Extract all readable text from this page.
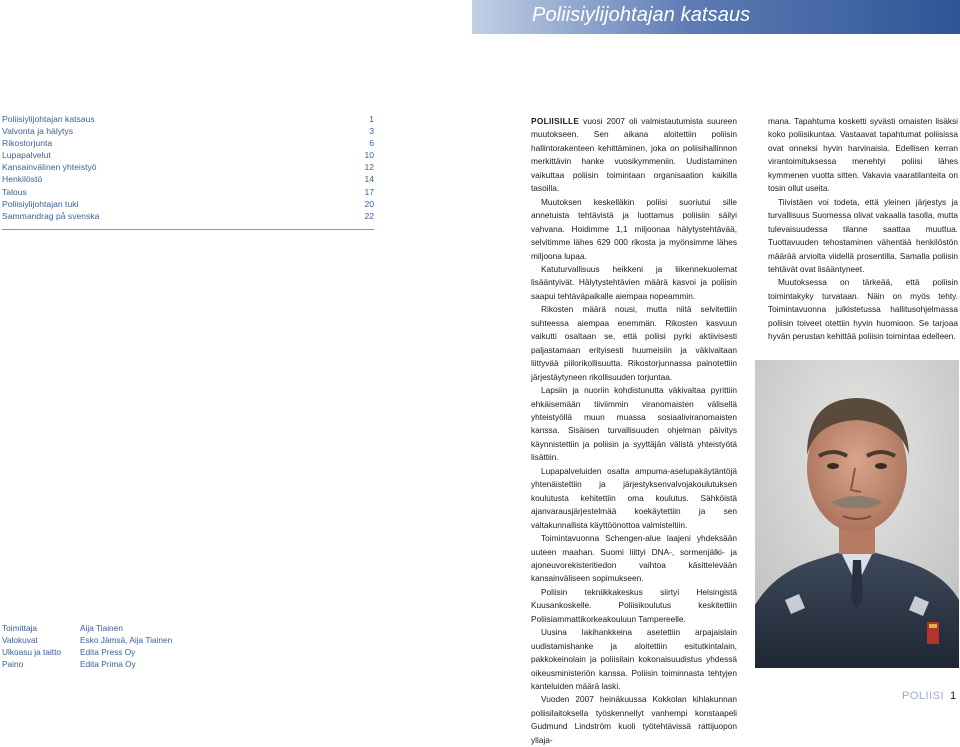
Poliisiylijohtajan katsaus
Poliisiylijohtajan katsaus	1
Valvonta ja hälytys	3
Rikostorjunta	6
Lupapalvelut	10
Kansainvälinen yhteistyö	12
Henkilöstö	14
Talous	17
Poliisiylijohtajan tuki	20
Sammandrag på svenska	22
Toimittaja	Aija Tiainen
Valokuvat	Esko Jämsä, Aija Tiainen
Ulkoasu ja taitto	Edita Press Oy
Paino	Edita Prima Oy

POLIISILLE vuosi 2007 oli valmistautumista suureen muutokseen. Sen aikana aloitettiin poliisin hallintorakenteen kehittäminen, joka on poliisihallinnon merkittävin hanke vuosikymmeniin. Uudistaminen vaikuttaa poliisin toimintaan organisaation kaikilla tasoilla.

Muutoksen keskelläkin poliisi suoriutui sille annetuista tehtävistä ja luottamus poliisiin säilyi vahvana. Hoidimme 1,1 miljoonaa hälytystehtävää, selvitimme lähes 629 000 rikosta ja myönsimme lähes miljoona lupaa.

Katuturvallisuus heikkeni ja liikennekuolemat lisääntyivät. Hälytystehtävien määrä kasvoi ja poliisin saapui tehtäväpaikalle aiempaa nopeammin.

Rikosten määrä nousi, mutta niitä selvitettiin suhteessa aiempaa enemmän. Rikosten kasvuun vaikutti osaltaan se, että poliisi pyrki aktiivisesti paljastamaan erityisesti huumeisiin ja väkivaltaan liittyvää piilorikollisuutta. Rikostorjunnassa painotettiin järjestäytyneen rikollisuuden torjuntaa.

Lapsiin ja nuoriin kohdistunutta väkivaltaa pyrittiin ehkäisemään tiiviimmin viranomaisten välisellä yhteistyöllä muun muassa sosiaaliviranomaisten kanssa. Sisäisen turvallisuuden ohjelman päivitys käynnistettiin ja poliisin ja syyttäjän välistä yhteistyötä lisättiin.

Lupapalveluiden osalta ampuma-aselupakäytäntöjä yhtenäistettiin ja järjestyksenvalvojakoulutuksen koulutusta kehitettiin oma koulutus. Sähköistä ajanvarausjärjestelmää koekäytettiin ja sen valtakunnallista käyttöönottoa valmisteltiin.

Toimintavuonna Schengen-alue laajeni yhdeksään uuteen maahan. Suomi liittyi DNA-, sormenjälki- ja ajoneuvorekisteritiedon vaihtoa käsittelevään kansainväliseen sopimukseen.

Poliisin tekniikkakeskus siirtyi Helsingistä Kuusankoskelle. Poliisikoulutus keskitettiin Poliisiammattikorkeakouluun Tampereelle.

Uusina lakihankkeina asetettiin arpajaislain uudistamishanke ja aloitettiin esitutkintalain, pakkokeinolain ja poliisilain kokonaisuudistus yhdessä oikeusministeriön kanssa. Poliisin toiminnasta tehtyjen kanteluiden määrä laski.

Vuoden 2007 heinäkuussa Kokkolan kihlakunnan poliisilaitoksella työskennellyt vanhempi konstaapeli Gudmund Lindström kuoli työtehtävissä rattijuopon yliaja-

mana. Tapahtuma kosketti syvästi omaisten lisäksi koko poliisikuntaa. Vastaavat tapahtumat poliisissa ovat onneksi hyvin harvinaisia. Edellisen kerran virantoimituksessa menehtyi poliisi lähes kymmenen vuotta sitten. Vakavia vaaratilanteita on tosin ollut useita.

Tiivistäen voi todeta, että yleinen järjestys ja turvallisuus Suomessa olivat vakaalla tasolla, mutta tulevaisuudessa tilanne saattaa muuttua. Tuottavuuden tehostaminen vähentää henkilöstön määrää arviolta viidellä prosentilla. Samalla poliisin tehtävät ovat lisääntyneet.

Muutoksessa on tärkeää, että poliisin toimintakyky turvataan. Näin on myös tehty. Toimintavuonna julkistetussa hallitusohjelmassa poliisin toiveet otettiin hyvin huomioon. Se tarjoaa hyvän perustan kehittää poliisin toimintaa edelleen.

POLIISI 1
